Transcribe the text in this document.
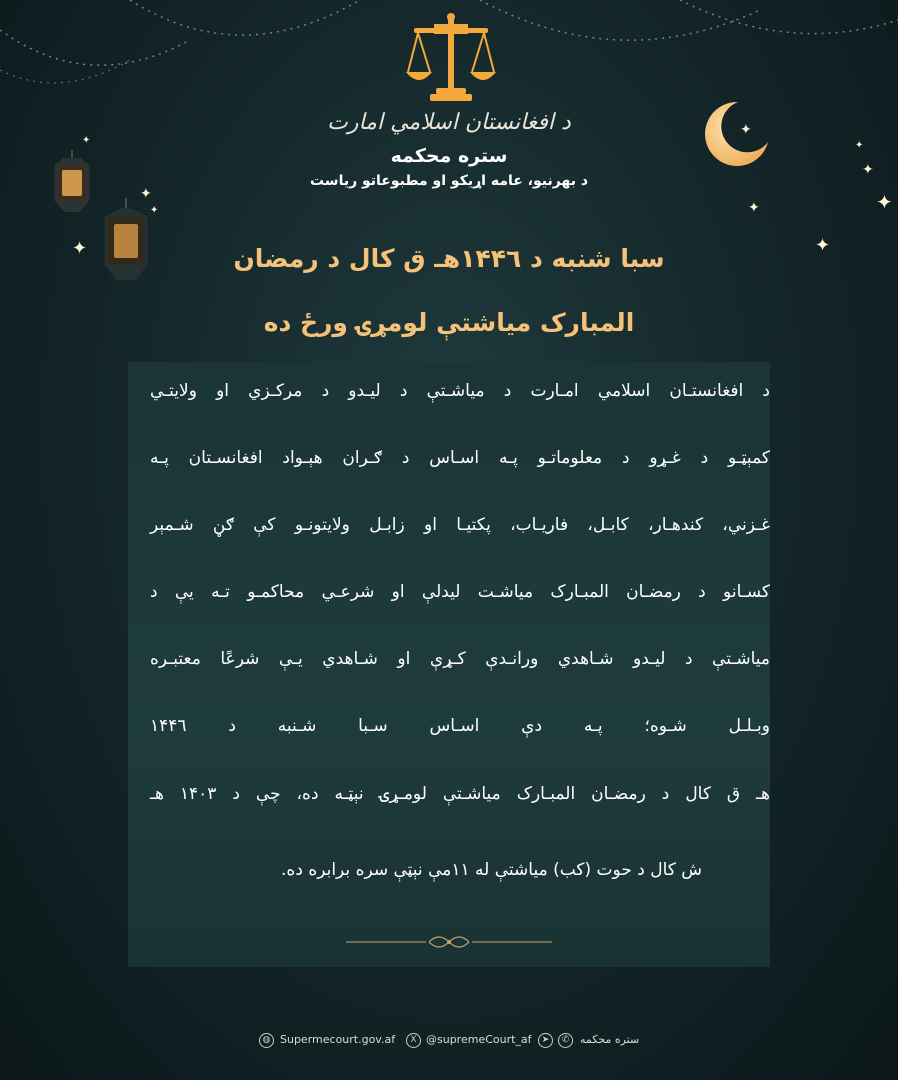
د افغانستان اسلامي امارت
ستره محکمه
د بهرنیو، عامه اړیکو او مطبوعاتو ریاست
✦
✦
✦
✦
✦
✦
✦
✦
✦
✦
سبا شنبه د ۱۴۴٦هـ ق کال د رمضان
المبارک میاشتې لومړۍ ورځ ده
د افغانستـان اسلامي امـارت د میاشـتې د لیـدو د مرکـزي او ولایتـي
کمېټـو د غـړو د معلوماتـو پـه اسـاس د ګـران هېـواد افغانسـتان پـه
غـزني، کندهـار، کابـل، فاریـاب، پکتیـا او زابـل ولایتونـو کې ګڼ شـمېر
کسـانو د رمضـان المبـارک میاشـت لیدلې او شرعـي محاکمـو تـه یې د
میاشـتې د لیـدو شـاهدي ورانـدې کـړې او شـاهدي یـې شرعًا معتبـره
وبـلـل شـوه؛ پـه دې اسـاس سـبا شـنبه د ۱۴۴٦
هـ ق کال د رمضـان المبـارک میاشـتې لومـړۍ نېټـه ده، چې د ۱۴۰۳ هـ
ش کال د حوت (کب) میاشتې له ۱۱مې نېټې سره برابره ده.
◍ Supermecourt.gov.af	X @supremeCourt_af	➤	✆ ستره محکمه
